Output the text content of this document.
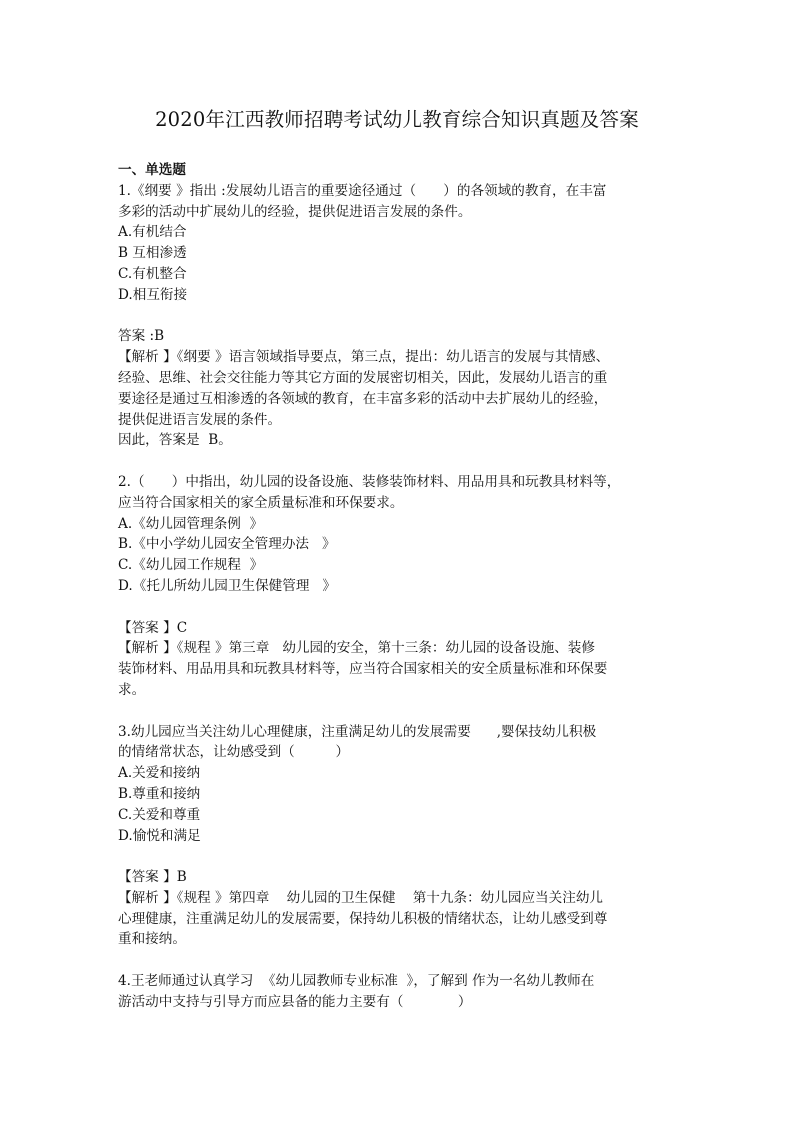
2020年江西教师招聘考试幼儿教育综合知识真题及答案

一、单选题

1.《纲要 》指出 :发展幼儿语言的重要途径通过（　　）的各领域的教育，在丰富

多彩的活动中扩展幼儿的经验，提供促进语言发展的条件。

A.有机结合

B 互相渗透

C.有机整合

D.相互衔接

答案 :B

【解析 】《纲要 》语言领域指导要点，第三点，提出：幼儿语言的发展与其情感、

经验、思维、社会交往能力等其它方面的发展密切相关，因此，发展幼儿语言的重

要途径是通过互相渗透的各领域的教育，在丰富多彩的活动中去扩展幼儿的经验，

提供促进语言发展的条件。

因此，答案是  B。

2.（　　）中指出，幼儿园的设备设施、装修装饰材料、用品用具和玩教具材料等，

应当符合国家相关的家全质量标准和环保要求。

A.《幼儿园管理条例  》

B.《中小学幼儿园安全管理办法   》

C.《幼儿园工作规程  》

D.《托儿所幼儿园卫生保健管理   》

【答案 】C

【解析 】《规程 》第三章   幼儿园的安全，第十三条：幼儿园的设备设施、装修

装饰材料、用品用具和玩教具材料等，应当符合国家相关的安全质量标准和环保要

求。

3.幼儿园应当关注幼儿心理健康，注重满足幼儿的发展需要      ,婴保技幼儿积极

的情绪常状态，让幼感受到（　　　）

A.关爱和接纳

B.尊重和接纳

C.关爱和尊重

D.愉悦和满足

【答案 】B

【解析 】《规程 》第四章    幼儿园的卫生保健    第十九条：幼儿园应当关注幼儿

心理健康，注重满足幼儿的发展需要，保持幼儿积极的情绪状态，让幼儿感受到尊

重和接纳。

4.王老师通过认真学习  《幼儿园教师专业标准  》，了解到 作为一名幼儿教师在

游活动中支持与引导方而应县备的能力主要有（　　　　）
